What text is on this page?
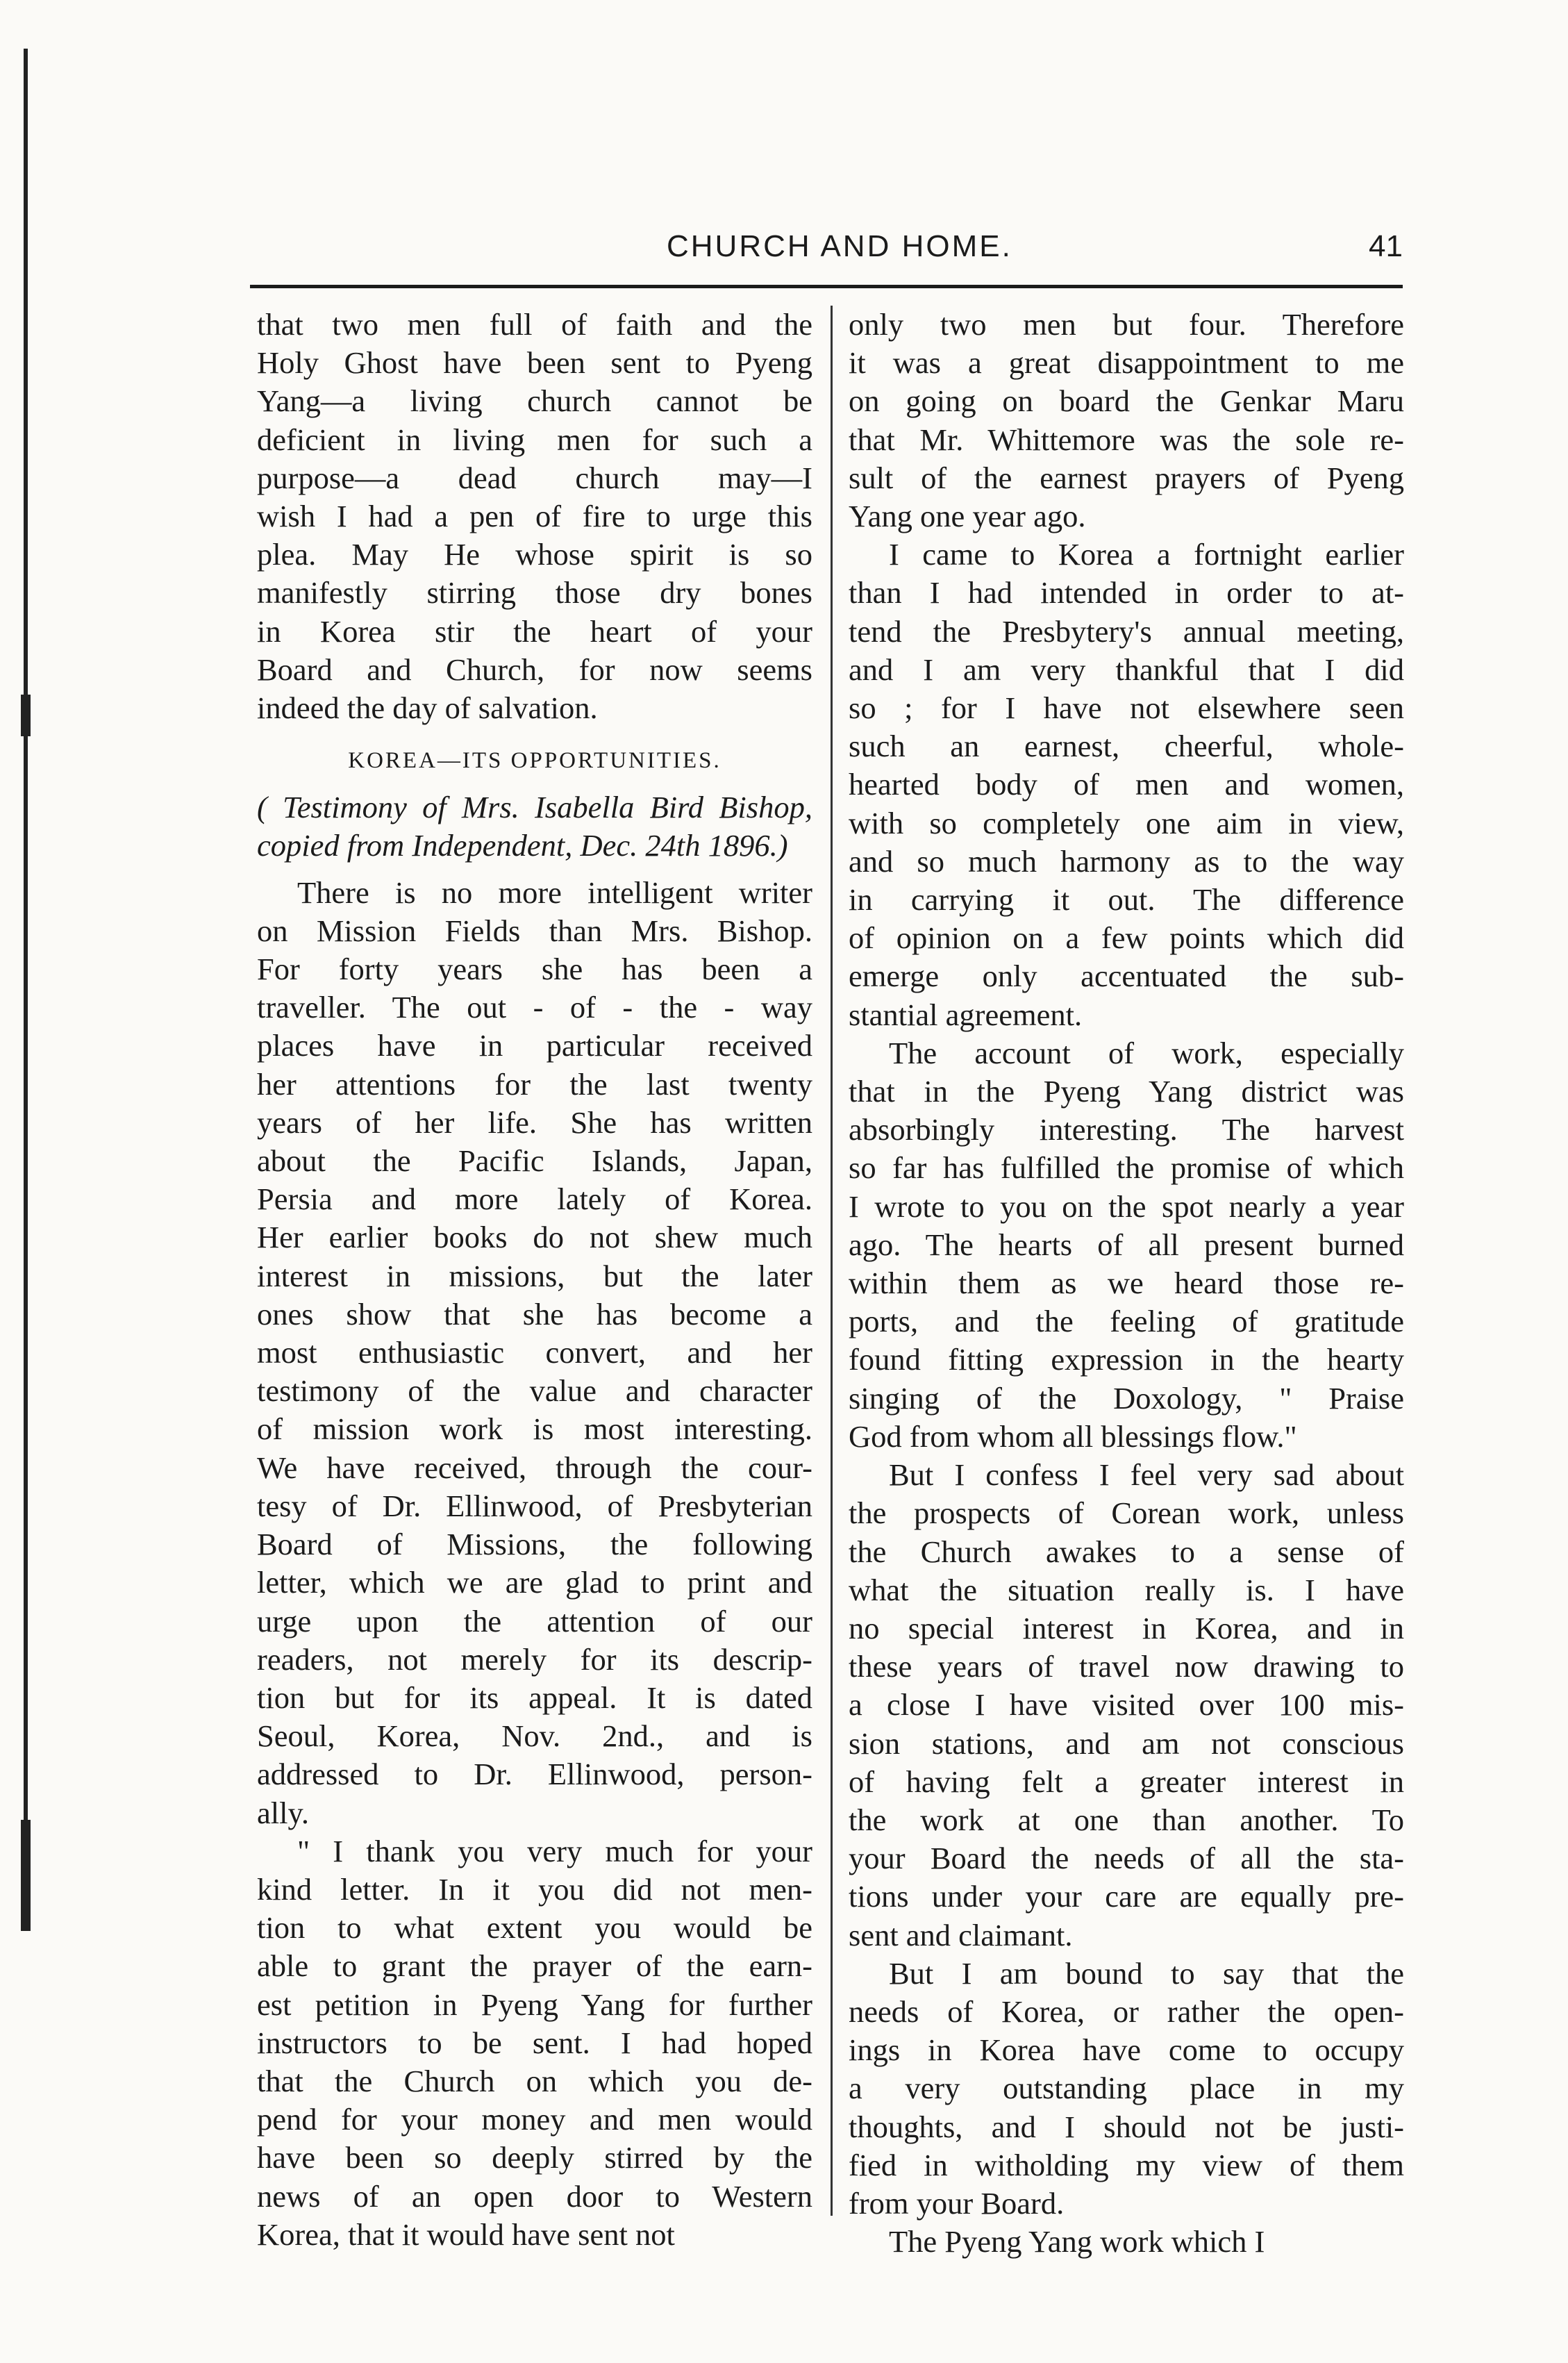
CHURCH AND HOME.	41
that two men full of faith and the
Holy Ghost have been sent to Pyeng
Yang—a living church cannot be
deficient in living men for such a
purpose—a dead church may—I
wish I had a pen of fire to urge this
plea. May He whose spirit is so
manifestly stirring those dry bones
in Korea stir the heart of your
Board and Church, for now seems
indeed the day of salvation.
KOREA—ITS OPPORTUNITIES.
( Testimony of Mrs. Isabella Bird Bishop,
copied from Independent, Dec. 24th 1896.)
There is no more intelligent writer
on Mission Fields than Mrs. Bishop.
For forty years she has been a
traveller. The out - of - the - way
places have in particular received
her attentions for the last twenty
years of her life. She has written
about the Pacific Islands, Japan,
Persia and more lately of Korea.
Her earlier books do not shew much
interest in missions, but the later
ones show that she has become a
most enthusiastic convert, and her
testimony of the value and character
of mission work is most interesting.
We have received, through the cour-
tesy of Dr. Ellinwood, of Presbyterian
Board of Missions, the following
letter, which we are glad to print and
urge upon the attention of our
readers, not merely for its descrip-
tion but for its appeal. It is dated
Seoul, Korea, Nov. 2nd., and is
addressed to Dr. Ellinwood, person-
ally.
" I thank you very much for your
kind letter. In it you did not men-
tion to what extent you would be
able to grant the prayer of the earn-
est petition in Pyeng Yang for further
instructors to be sent. I had hoped
that the Church on which you de-
pend for your money and men would
have been so deeply stirred by the
news of an open door to Western
Korea, that it would have sent not
only two men but four. Therefore
it was a great disappointment to me
on going on board the Genkar Maru
that Mr. Whittemore was the sole re-
sult of the earnest prayers of Pyeng
Yang one year ago.
I came to Korea a fortnight earlier
than I had intended in order to at-
tend the Presbytery's annual meeting,
and I am very thankful that I did
so ; for I have not elsewhere seen
such an earnest, cheerful, whole-
hearted body of men and women,
with so completely one aim in view,
and so much harmony as to the way
in carrying it out. The difference
of opinion on a few points which did
emerge only accentuated the sub-
stantial agreement.
The account of work, especially
that in the Pyeng Yang district was
absorbingly interesting. The harvest
so far has fulfilled the promise of which
I wrote to you on the spot nearly a year
ago. The hearts of all present burned
within them as we heard those re-
ports, and the feeling of gratitude
found fitting expression in the hearty
singing of the Doxology, " Praise
God from whom all blessings flow."
But I confess I feel very sad about
the prospects of Corean work, unless
the Church awakes to a sense of
what the situation really is. I have
no special interest in Korea, and in
these years of travel now drawing to
a close I have visited over 100 mis-
sion stations, and am not conscious
of having felt a greater interest in
the work at one than another. To
your Board the needs of all the sta-
tions under your care are equally pre-
sent and claimant.
But I am bound to say that the
needs of Korea, or rather the open-
ings in Korea have come to occupy
a very outstanding place in my
thoughts, and I should not be justi-
fied in witholding my view of them
from your Board.
The Pyeng Yang work which I
